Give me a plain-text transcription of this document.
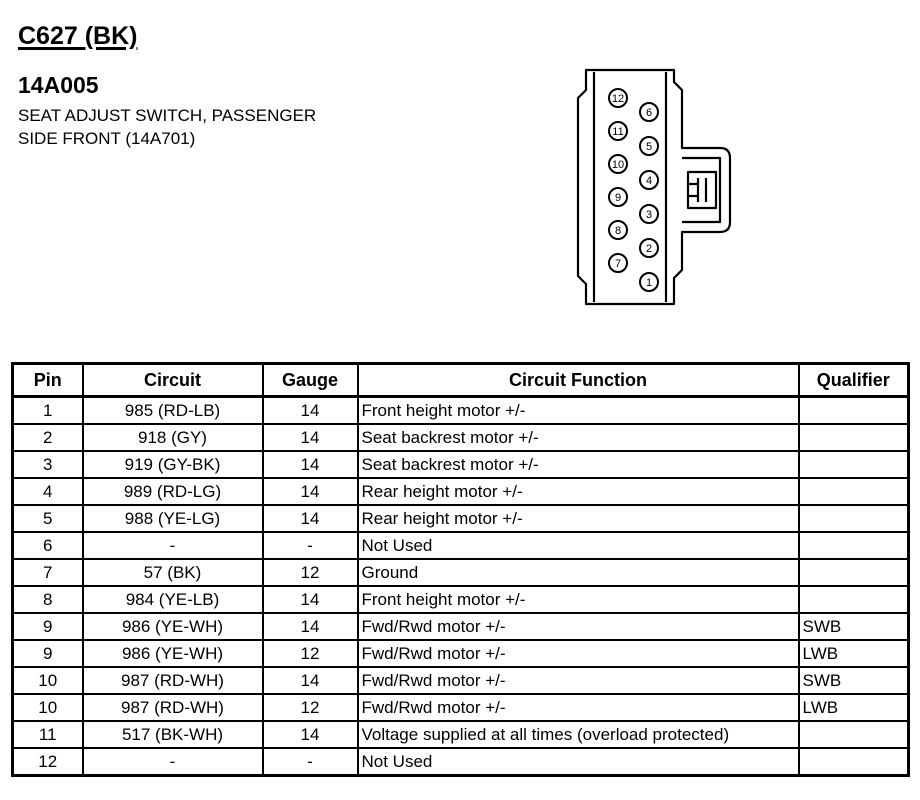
C627 (BK)
14A005
SEAT ADJUST SWITCH, PASSENGER
SIDE FRONT (14A701)
12
11
10
9
8
7
6
5
4
3
2
1
Pin	Circuit	Gauge	Circuit Function	Qualifier
1	985 (RD-LB)	14	Front height motor +/-	
2	918 (GY)	14	Seat backrest motor +/-	
3	919 (GY-BK)	14	Seat backrest motor +/-	
4	989 (RD-LG)	14	Rear height motor +/-	
5	988 (YE-LG)	14	Rear height motor +/-	
6	-	-	Not Used	
7	57 (BK)	12	Ground	
8	984 (YE-LB)	14	Front height motor +/-	
9	986 (YE-WH)	14	Fwd/Rwd motor +/-	SWB
9	986 (YE-WH)	12	Fwd/Rwd motor +/-	LWB
10	987 (RD-WH)	14	Fwd/Rwd motor +/-	SWB
10	987 (RD-WH)	12	Fwd/Rwd motor +/-	LWB
11	517 (BK-WH)	14	Voltage supplied at all times (overload protected)	
12	-	-	Not Used	
